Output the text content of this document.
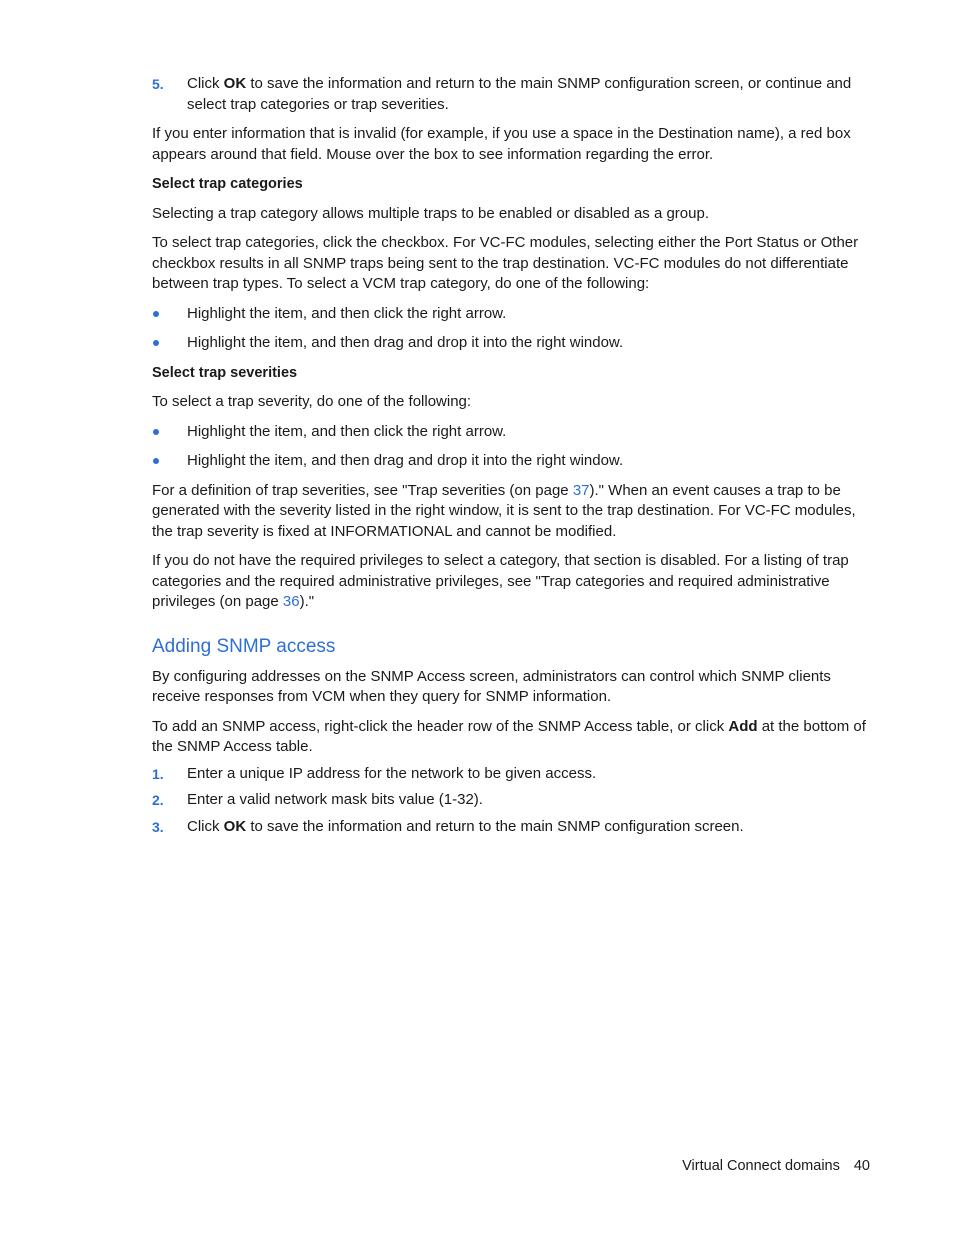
5. Click OK to save the information and return to the main SNMP configuration screen, or continue and select trap categories or trap severities.

If you enter information that is invalid (for example, if you use a space in the Destination name), a red box appears around that field. Mouse over the box to see information regarding the error.

Select trap categories

Selecting a trap category allows multiple traps to be enabled or disabled as a group.

To select trap categories, click the checkbox. For VC-FC modules, selecting either the Port Status or Other checkbox results in all SNMP traps being sent to the trap destination. VC-FC modules do not differentiate between trap types. To select a VCM trap category, do one of the following:

Highlight the item, and then click the right arrow.
Highlight the item, and then drag and drop it into the right window.
Select trap severities

To select a trap severity, do one of the following:

Highlight the item, and then click the right arrow.
Highlight the item, and then drag and drop it into the right window.

For a definition of trap severities, see "Trap severities (on page 37)." When an event causes a trap to be generated with the severity listed in the right window, it is sent to the trap destination. For VC-FC modules, the trap severity is fixed at INFORMATIONAL and cannot be modified.

If you do not have the required privileges to select a category, that section is disabled. For a listing of trap categories and the required administrative privileges, see "Trap categories and required administrative privileges (on page 36)."

Adding SNMP access

By configuring addresses on the SNMP Access screen, administrators can control which SNMP clients receive responses from VCM when they query for SNMP information.

To add an SNMP access, right-click the header row of the SNMP Access table, or click Add at the bottom of the SNMP Access table.

1. Enter a unique IP address for the network to be given access.
2. Enter a valid network mask bits value (1-32).
3. Click OK to save the information and return to the main SNMP configuration screen.
Virtual Connect domains 40
